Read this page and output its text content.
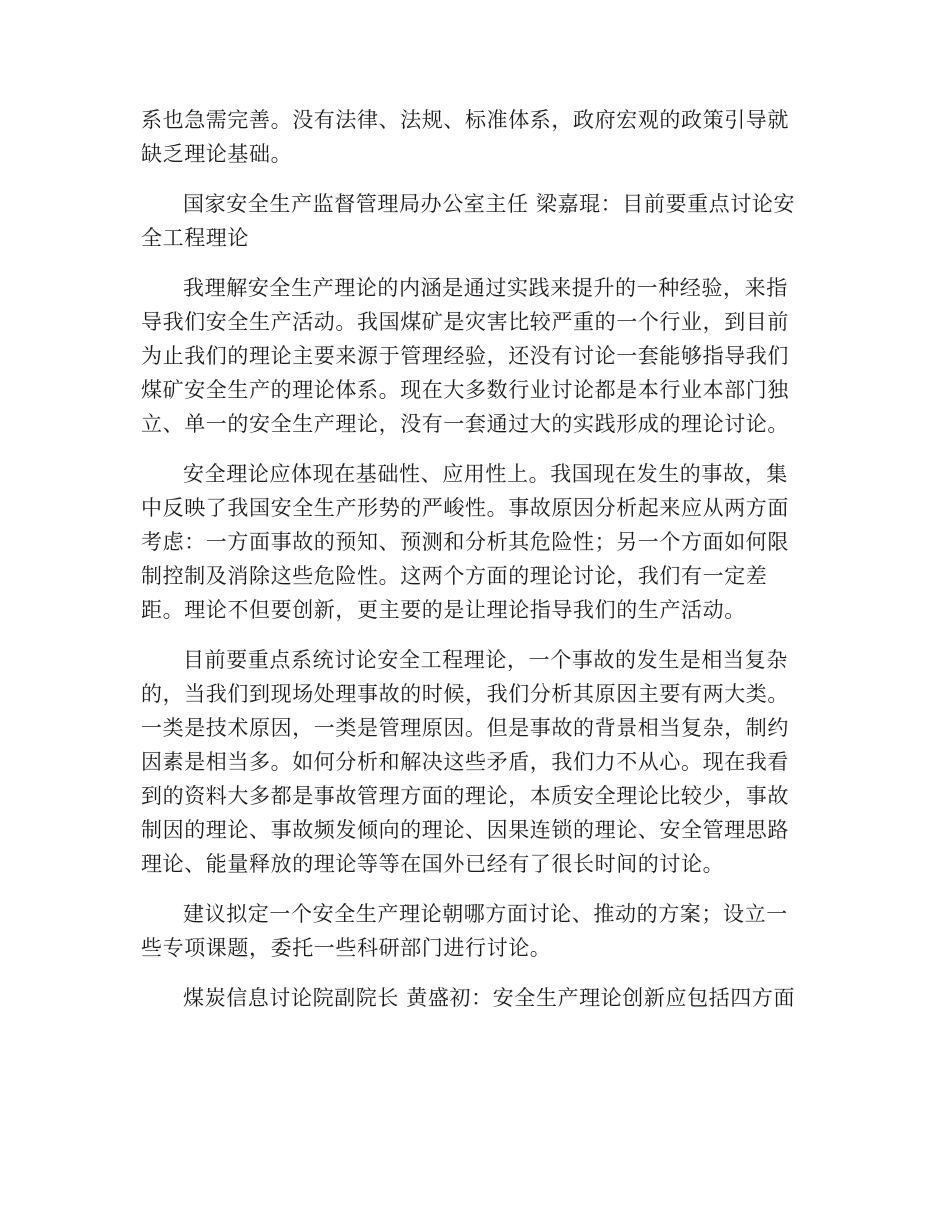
系也急需完善。没有法律、法规、标准体系，政府宏观的政策引导就
缺乏理论基础。

国家安全生产监督管理局办公室主任 梁嘉琨：目前要重点讨论安
全工程理论

我理解安全生产理论的内涵是通过实践来提升的一种经验，来指
导我们安全生产活动。我国煤矿是灾害比较严重的一个行业，到目前
为止我们的理论主要来源于管理经验，还没有讨论一套能够指导我们
煤矿安全生产的理论体系。现在大多数行业讨论都是本行业本部门独
立、单一的安全生产理论，没有一套通过大的实践形成的理论讨论。

安全理论应体现在基础性、应用性上。我国现在发生的事故，集
中反映了我国安全生产形势的严峻性。事故原因分析起来应从两方面
考虑：一方面事故的预知、预测和分析其危险性；另一个方面如何限
制控制及消除这些危险性。这两个方面的理论讨论，我们有一定差
距。理论不但要创新，更主要的是让理论指导我们的生产活动。

目前要重点系统讨论安全工程理论，一个事故的发生是相当复杂
的，当我们到现场处理事故的时候，我们分析其原因主要有两大类。
一类是技术原因，一类是管理原因。但是事故的背景相当复杂，制约
因素是相当多。如何分析和解决这些矛盾，我们力不从心。现在我看
到的资料大多都是事故管理方面的理论，本质安全理论比较少，事故
制因的理论、事故频发倾向的理论、因果连锁的理论、安全管理思路
理论、能量释放的理论等等在国外已经有了很长时间的讨论。

建议拟定一个安全生产理论朝哪方面讨论、推动的方案；设立一
些专项课题，委托一些科研部门进行讨论。

煤炭信息讨论院副院长 黄盛初：安全生产理论创新应包括四方面
